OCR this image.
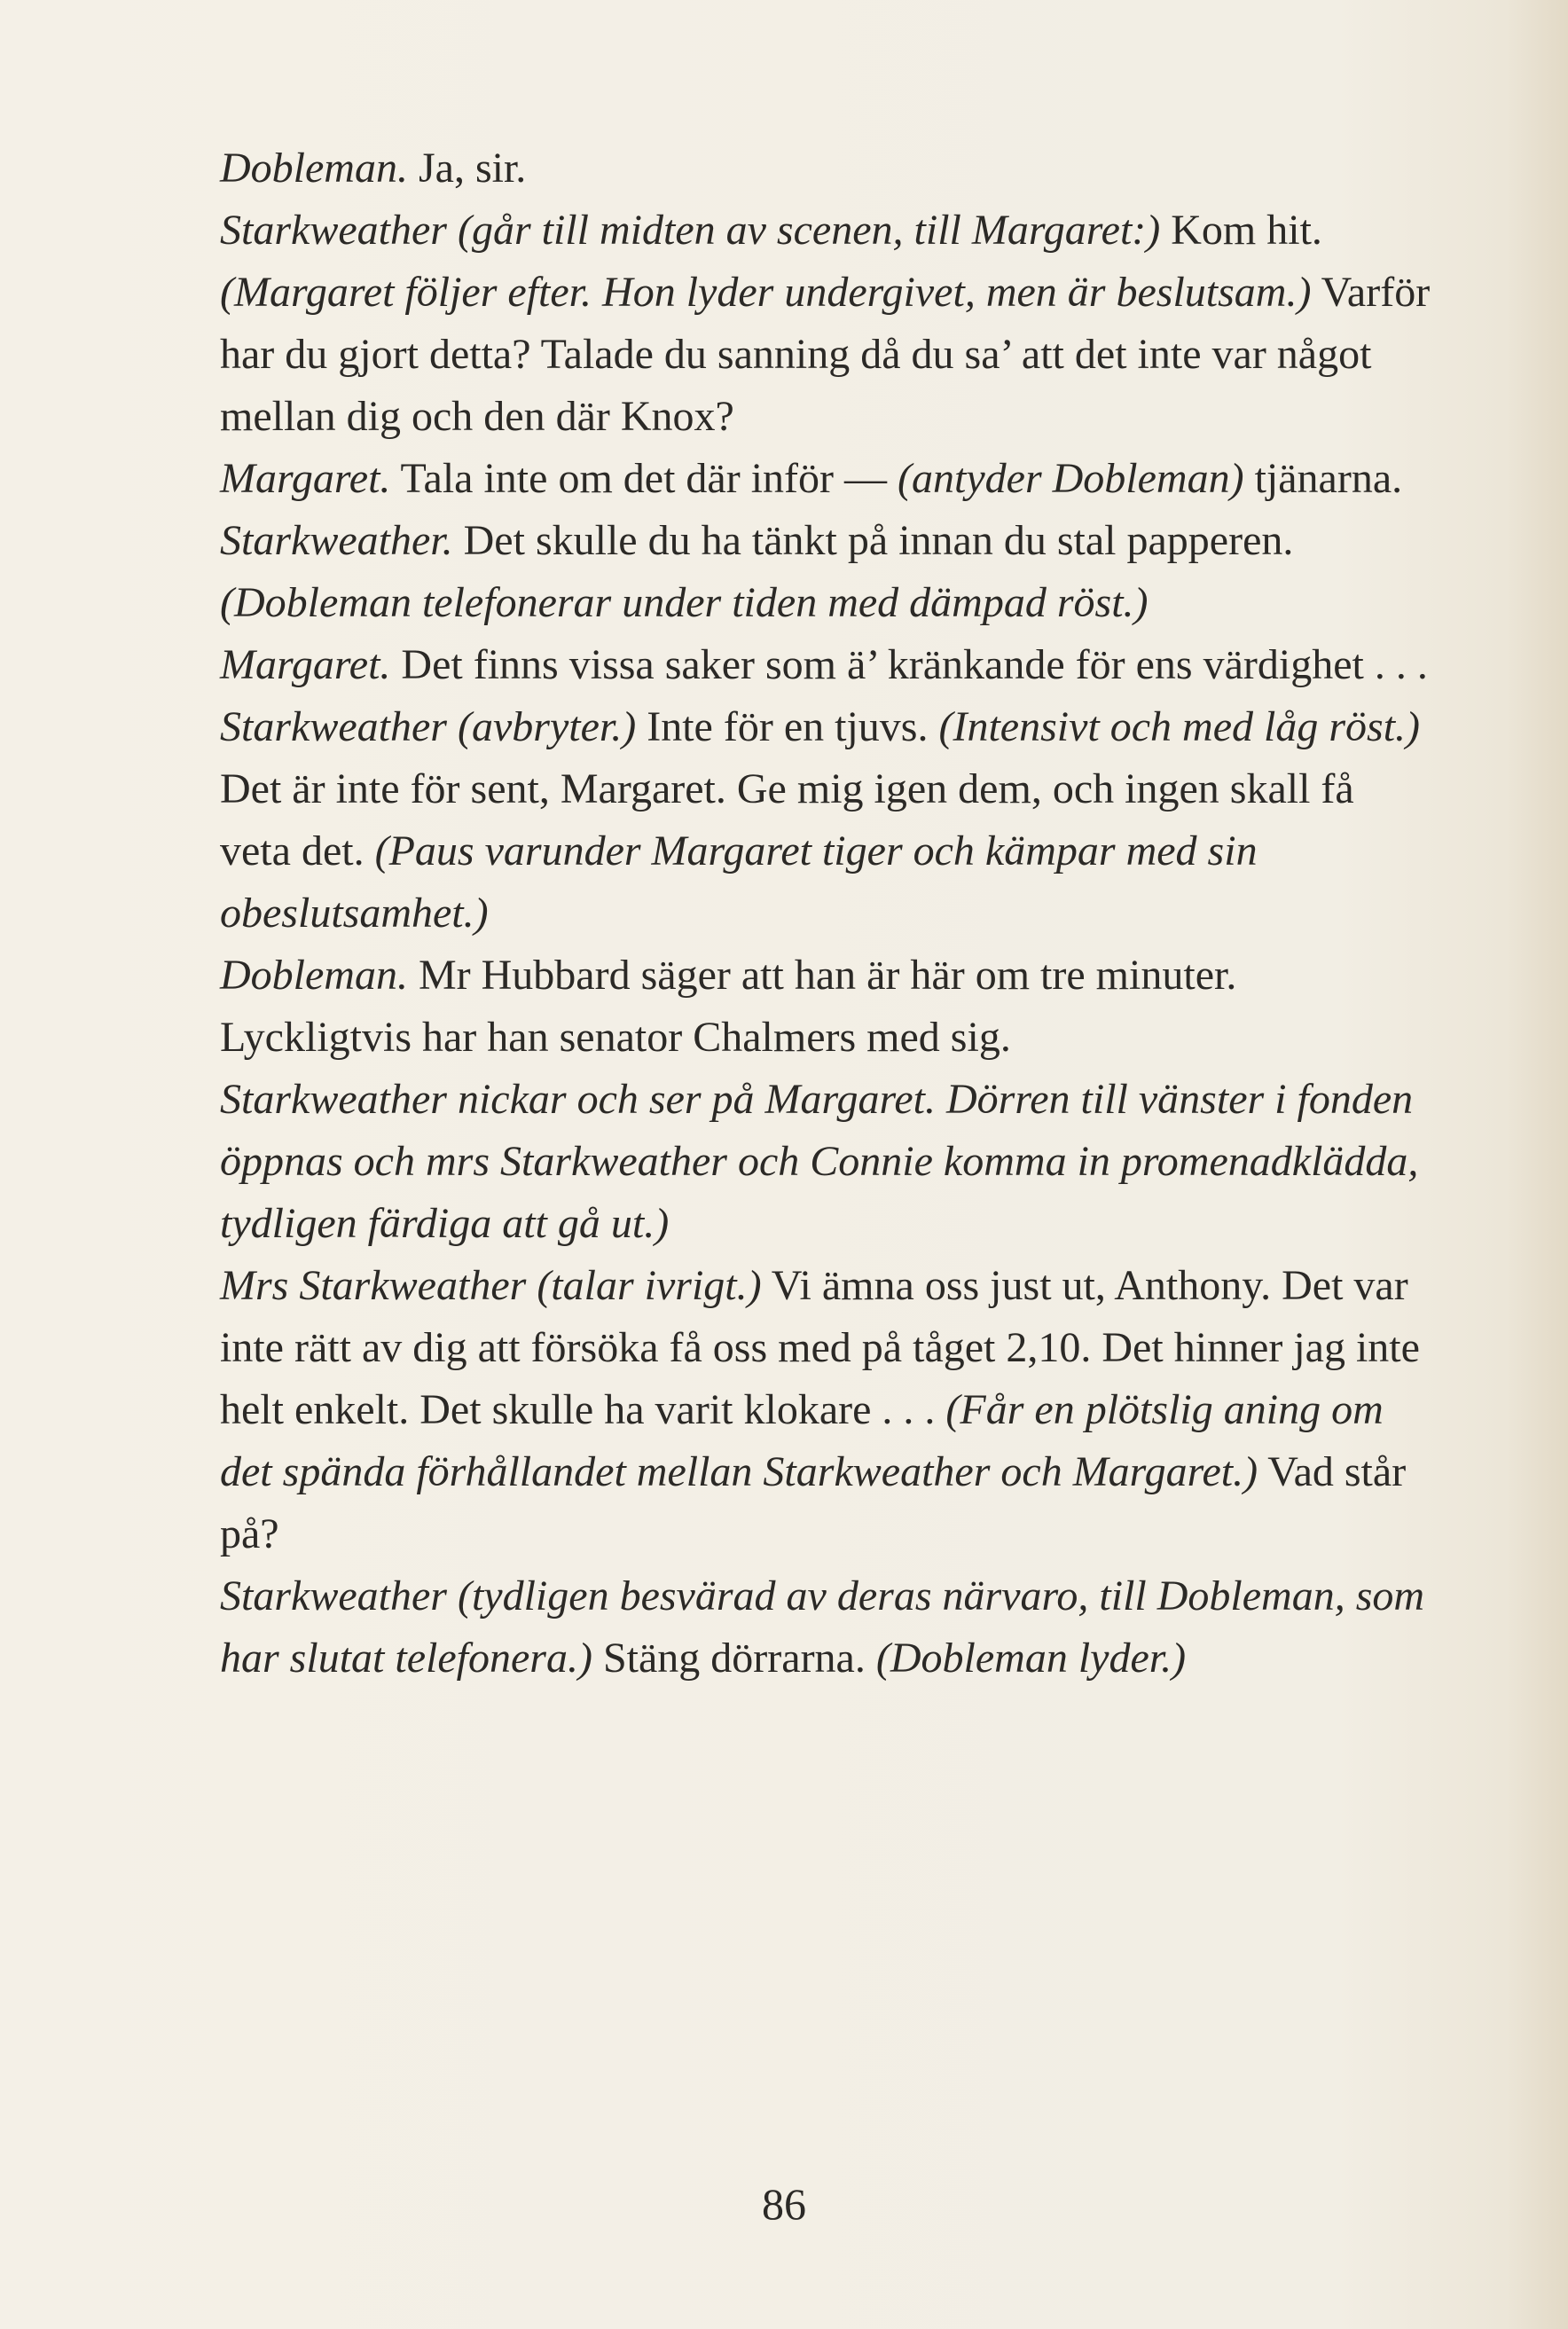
Dobleman. Ja, sir.

Starkweather (går till midten av scenen, till Margaret:) Kom hit. (Margaret följer efter. Hon lyder undergivet, men är beslutsam.) Varför har du gjort detta? Talade du sanning då du sa’ att det inte var något mellan dig och den där Knox?

Margaret. Tala inte om det där inför — (antyder Dobleman) tjänarna.

Starkweather. Det skulle du ha tänkt på innan du stal papperen. (Dobleman telefonerar under tiden med dämpad röst.)

Margaret. Det finns vissa saker som ä’ kränkande för ens värdighet . . .

Starkweather (avbryter.) Inte för en tjuvs. (Intensivt och med låg röst.) Det är inte för sent, Margaret. Ge mig igen dem, och ingen skall få veta det. (Paus varunder Margaret tiger och kämpar med sin obeslutsamhet.)

Dobleman. Mr Hubbard säger att han är här om tre minuter. Lyckligtvis har han senator Chalmers med sig.

Starkweather nickar och ser på Margaret. Dörren till vänster i fonden öppnas och mrs Starkweather och Connie komma in promenadklädda, tydligen färdiga att gå ut.)

Mrs Starkweather (talar ivrigt.) Vi ämna oss just ut, Anthony. Det var inte rätt av dig att försöka få oss med på tåget 2,10. Det hinner jag inte helt enkelt. Det skulle ha varit klokare . . . (Får en plötslig aning om det spända förhållandet mellan Starkweather och Margaret.) Vad står på?

Starkweather (tydligen besvärad av deras närvaro, till Dobleman, som har slutat telefonera.) Stäng dörrarna. (Dobleman lyder.)

86
